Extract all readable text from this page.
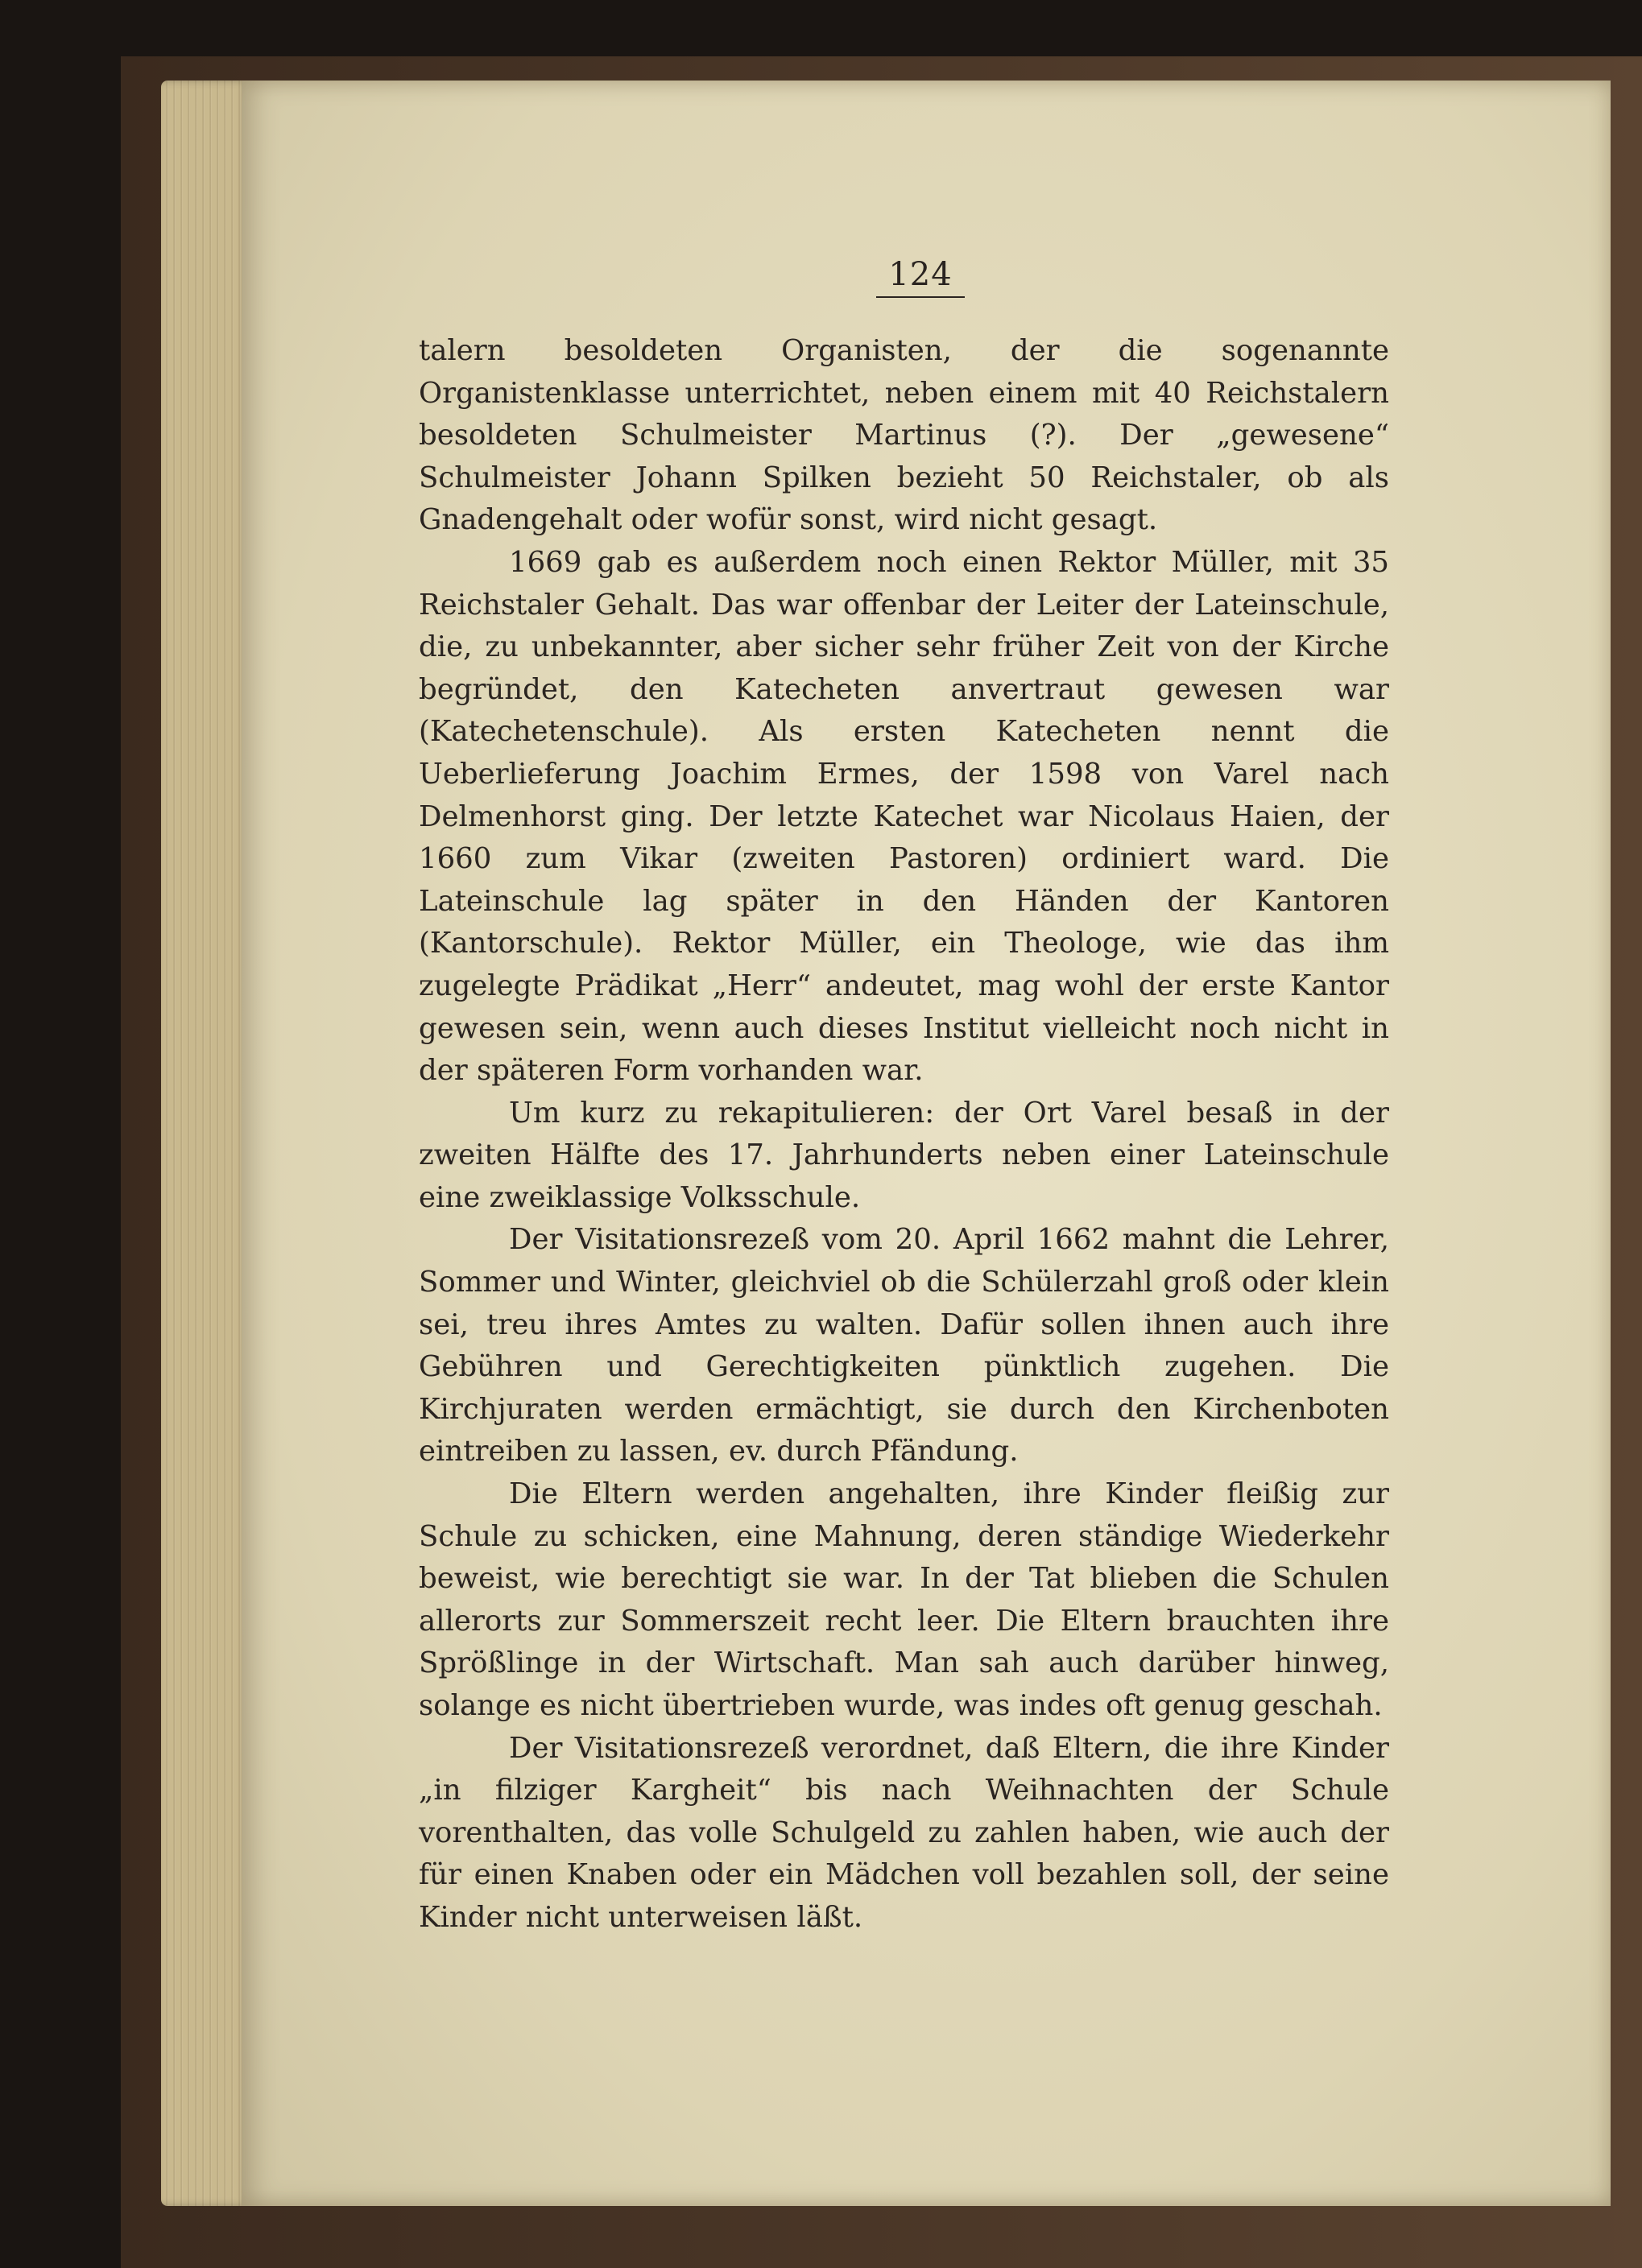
124

talern besoldeten Organisten, der die sogenannte Organistenklasse unterrichtet, neben einem mit 40 Reichstalern besoldeten Schulmeister Martinus (?). Der „gewesene“ Schulmeister Johann Spilken bezieht 50 Reichstaler, ob als Gnadengehalt oder wofür sonst, wird nicht gesagt.

1669 gab es außerdem noch einen Rektor Müller, mit 35 Reichstaler Gehalt. Das war offenbar der Leiter der Lateinschule, die, zu unbekannter, aber sicher sehr früher Zeit von der Kirche begründet, den Katecheten anvertraut gewesen war (Katechetenschule). Als ersten Katecheten nennt die Ueberlieferung Joachim Ermes, der 1598 von Varel nach Delmenhorst ging. Der letzte Katechet war Nicolaus Haien, der 1660 zum Vikar (zweiten Pastoren) ordiniert ward. Die Lateinschule lag später in den Händen der Kantoren (Kantorschule). Rektor Müller, ein Theologe, wie das ihm zugelegte Prädikat „Herr“ andeutet, mag wohl der erste Kantor gewesen sein, wenn auch dieses Institut vielleicht noch nicht in der späteren Form vorhanden war.

Um kurz zu rekapitulieren: der Ort Varel besaß in der zweiten Hälfte des 17. Jahrhunderts neben einer Lateinschule eine zweiklassige Volksschule.

Der Visitationsrezeß vom 20. April 1662 mahnt die Lehrer, Sommer und Winter, gleichviel ob die Schülerzahl groß oder klein sei, treu ihres Amtes zu walten. Dafür sollen ihnen auch ihre Gebühren und Gerechtigkeiten pünktlich zugehen. Die Kirchjuraten werden ermächtigt, sie durch den Kirchenboten eintreiben zu lassen, ev. durch Pfändung.

Die Eltern werden angehalten, ihre Kinder fleißig zur Schule zu schicken, eine Mahnung, deren ständige Wiederkehr beweist, wie berechtigt sie war. In der Tat blieben die Schulen allerorts zur Sommerszeit recht leer. Die Eltern brauchten ihre Sprößlinge in der Wirtschaft. Man sah auch darüber hinweg, solange es nicht übertrieben wurde, was indes oft genug geschah.

Der Visitationsrezeß verordnet, daß Eltern, die ihre Kinder „in filziger Kargheit“ bis nach Weihnachten der Schule vorenthalten, das volle Schulgeld zu zahlen haben, wie auch der für einen Knaben oder ein Mädchen voll bezahlen soll, der seine Kinder nicht unterweisen läßt.
